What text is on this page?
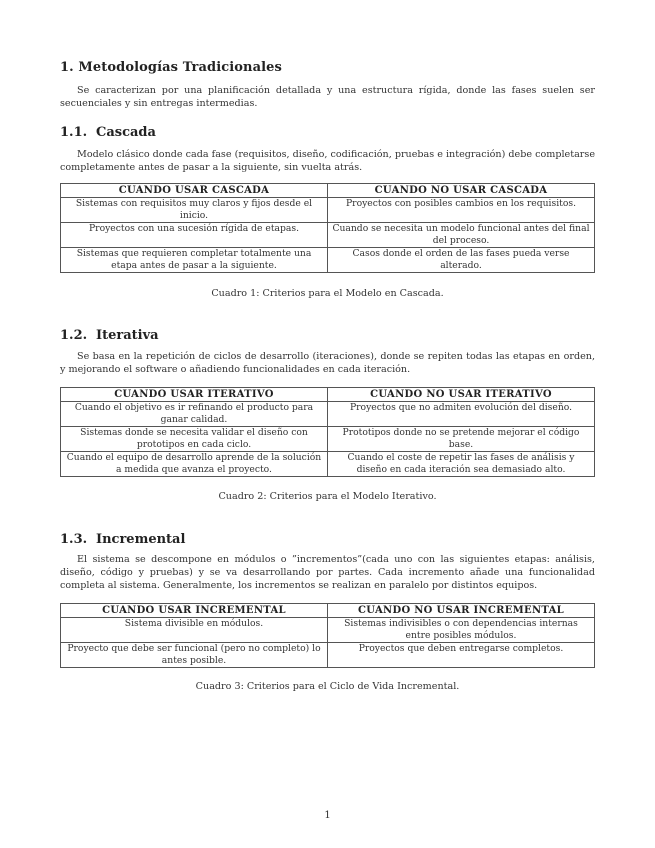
1. Metodologías Tradicionales

Se caracterizan por una planificación detallada y una estructura rígida, donde las fases suelen ser secuenciales y sin entregas intermedias.

1.1. Cascada

Modelo clásico donde cada fase (requisitos, diseño, codificación, pruebas e integración) debe completarse completamente antes de pasar a la siguiente, sin vuelta atrás.

CUANDO USAR CASCADA	CUANDO NO USAR CASCADA
Sistemas con requisitos muy claros y fijos desde el inicio.	Proyectos con posibles cambios en los requisitos.
Proyectos con una sucesión rígida de etapas.	Cuando se necesita un modelo funcional antes del final del proceso.
Sistemas que requieren completar totalmente una etapa antes de pasar a la siguiente.	Casos donde el orden de las fases pueda verse alterado.
Cuadro 1: Criterios para el Modelo en Cascada.
1.2. Iterativa

Se basa en la repetición de ciclos de desarrollo (iteraciones), donde se repiten todas las etapas en orden, y mejorando el software o añadiendo funcionalidades en cada iteración.

CUANDO USAR ITERATIVO	CUANDO NO USAR ITERATIVO
Cuando el objetivo es ir refinando el producto para ganar calidad.	Proyectos que no admiten evolución del diseño.
Sistemas donde se necesita validar el diseño con prototipos en cada ciclo.	Prototipos donde no se pretende mejorar el código base.
Cuando el equipo de desarrollo aprende de la solución a medida que avanza el proyecto.	Cuando el coste de repetir las fases de análisis y diseño en cada iteración sea demasiado alto.
Cuadro 2: Criterios para el Modelo Iterativo.
1.3. Incremental

El sistema se descompone en módulos o ”incrementos”(cada uno con las siguientes etapas: análisis, diseño, código y pruebas) y se va desarrollando por partes. Cada incremento añade una funcionalidad completa al sistema. Generalmente, los incrementos se realizan en paralelo por distintos equipos.

CUANDO USAR INCREMENTAL	CUANDO NO USAR INCREMENTAL
Sistema divisible en módulos.	Sistemas indivisibles o con dependencias internas entre posibles módulos.
Proyecto que debe ser funcional (pero no completo) lo antes posible.	Proyectos que deben entregarse completos.
Cuadro 3: Criterios para el Ciclo de Vida Incremental.
1
